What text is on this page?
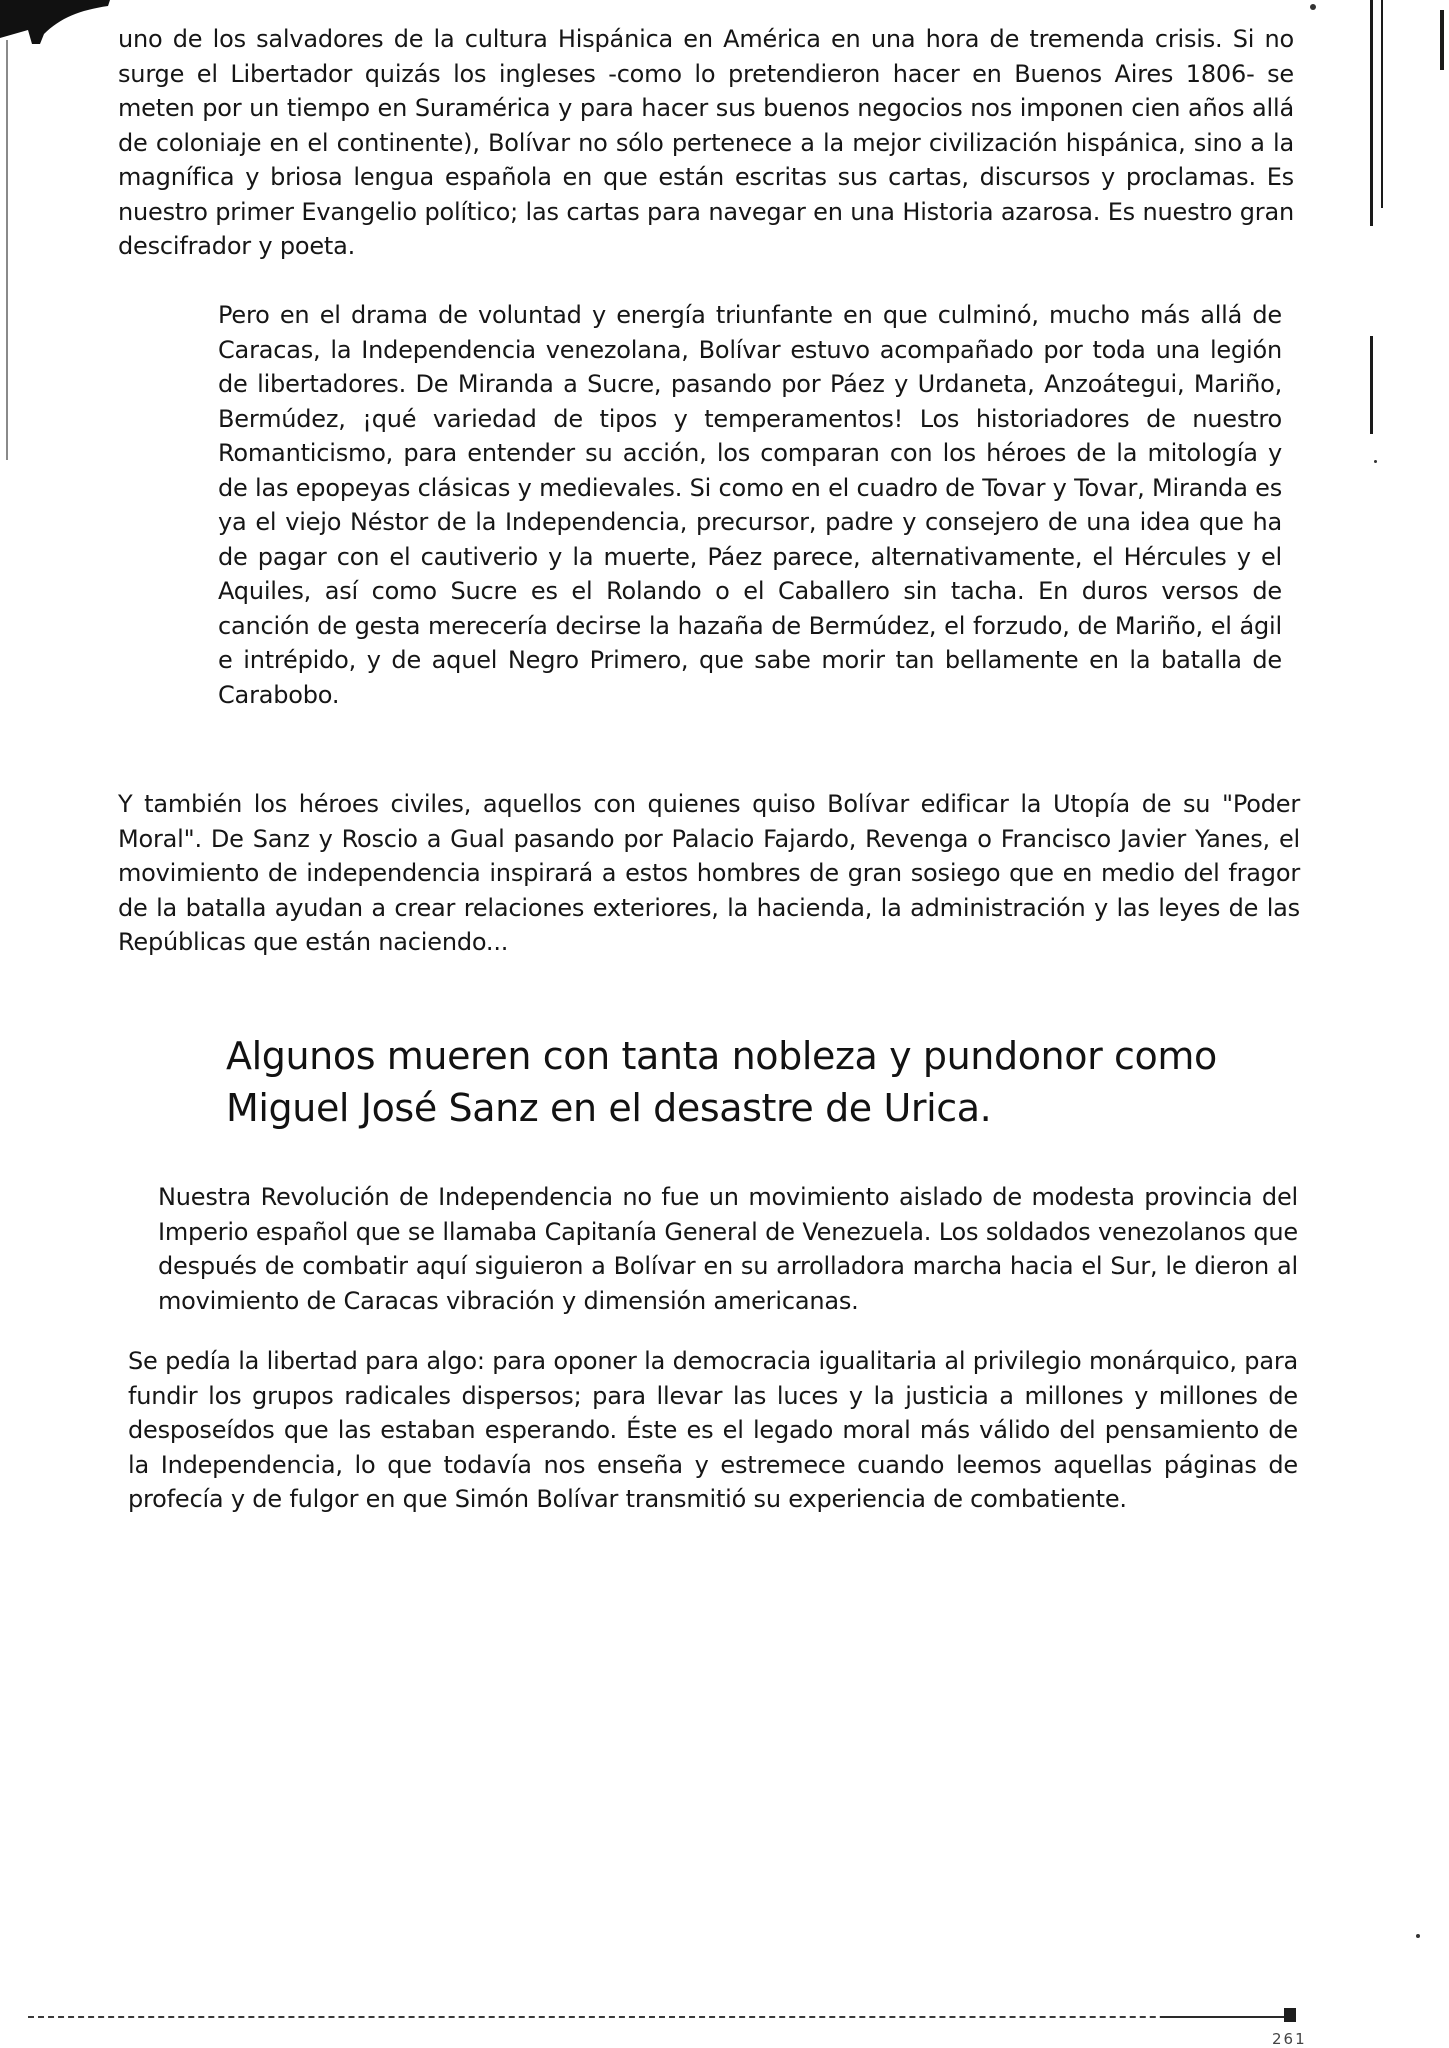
uno de los salvadores de la cultura Hispánica en América en una hora de tremenda crisis. Si no surge el Libertador quizás los ingleses -como lo pretendieron hacer en Buenos Aires 1806- se meten por un tiempo en Suramérica y para hacer sus buenos negocios nos imponen cien años allá de coloniaje en el continente), Bolívar no sólo pertenece a la mejor civilización hispánica, sino a la magnífica y briosa lengua española en que están escritas sus cartas, discursos y proclamas. Es nuestro primer Evangelio político; las cartas para navegar en una Historia azarosa. Es nuestro gran descifrador y poeta.

Pero en el drama de voluntad y energía triunfante en que culminó, mucho más allá de Caracas, la Independencia venezolana, Bolívar estuvo acompañado por toda una legión de libertadores. De Miranda a Sucre, pasando por Páez y Urdaneta, Anzoátegui, Mariño, Bermúdez, ¡qué variedad de tipos y temperamentos! Los historiadores de nuestro Romanticismo, para entender su acción, los comparan con los héroes de la mitología y de las epopeyas clásicas y medievales. Si como en el cuadro de Tovar y Tovar, Miranda es ya el viejo Néstor de la Independencia, precursor, padre y consejero de una idea que ha de pagar con el cautiverio y la muerte, Páez parece, alternativamente, el Hércules y el Aquiles, así como Sucre es el Rolando o el Caballero sin tacha. En duros versos de canción de gesta merecería decirse la hazaña de Bermúdez, el forzudo, de Mariño, el ágil e intrépido, y de aquel Negro Primero, que sabe morir tan bellamente en la batalla de Carabobo.

Y también los héroes civiles, aquellos con quienes quiso Bolívar edificar la Utopía de su "Poder Moral". De Sanz y Roscio a Gual pasando por Palacio Fajardo, Revenga o Francisco Javier Yanes, el movimiento de independencia inspirará a estos hombres de gran sosiego que en medio del fragor de la batalla ayudan a crear relaciones exteriores, la hacienda, la administración y las leyes de las Repúblicas que están naciendo...

Algunos mueren con tanta nobleza y pundonor como Miguel José Sanz en el desastre de Urica.

Nuestra Revolución de Independencia no fue un movimiento aislado de modesta provincia del Imperio español que se llamaba Capitanía General de Venezuela. Los soldados venezolanos que después de combatir aquí siguieron a Bolívar en su arrolladora marcha hacia el Sur, le dieron al movimiento de Caracas vibración y dimensión americanas.

Se pedía la libertad para algo: para oponer la democracia igualitaria al privilegio monárquico, para fundir los grupos radicales dispersos; para llevar las luces y la justicia a millones y millones de desposeídos que las estaban esperando. Éste es el legado moral más válido del pensamiento de la Independencia, lo que todavía nos enseña y estremece cuando leemos aquellas páginas de profecía y de fulgor en que Simón Bolívar transmitió su experiencia de combatiente.

261
